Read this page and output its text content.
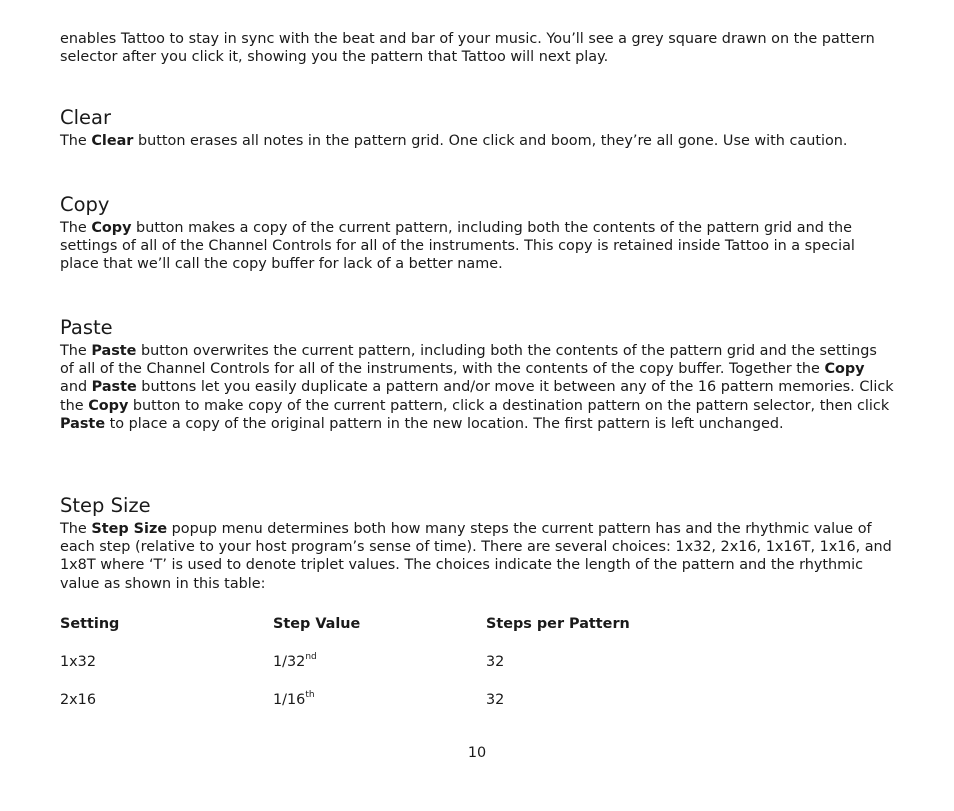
enables Tattoo to stay in sync with the beat and bar of your music. You’ll see a grey square drawn on the pattern selector after you click it, showing you the pattern that Tattoo will next play.

Clear

The Clear button erases all notes in the pattern grid. One click and boom, they’re all gone. Use with caution.

Copy

The Copy button makes a copy of the current pattern, including both the contents of the pattern grid and the settings of all of the Channel Controls for all of the instruments. This copy is retained inside Tattoo in a special place that we’ll call the copy buffer for lack of a better name.

Paste

The Paste button overwrites the current pattern, including both the contents of the pattern grid and the settings of all of the Channel Controls for all of the instruments, with the contents of the copy buffer. Together the Copy and Paste buttons let you easily duplicate a pattern and/or move it between any of the 16 pattern memories. Click the Copy button to make copy of the current pattern, click a destination pattern on the pattern selector, then click Paste to place a copy of the original pattern in the new location. The first pattern is left unchanged.

Step Size

The Step Size popup menu determines both how many steps the current pattern has and the rhythmic value of each step (relative to your host program’s sense of time). There are several choices: 1x32, 2x16, 1x16T, 1x16, and 1x8T where ‘T’ is used to denote triplet values. The choices indicate the length of the pattern and the rhythmic value as shown in this table:

Setting	Step Value	Steps per Pattern
1x32	1/32nd	32
2x16	1/16th	32
10
